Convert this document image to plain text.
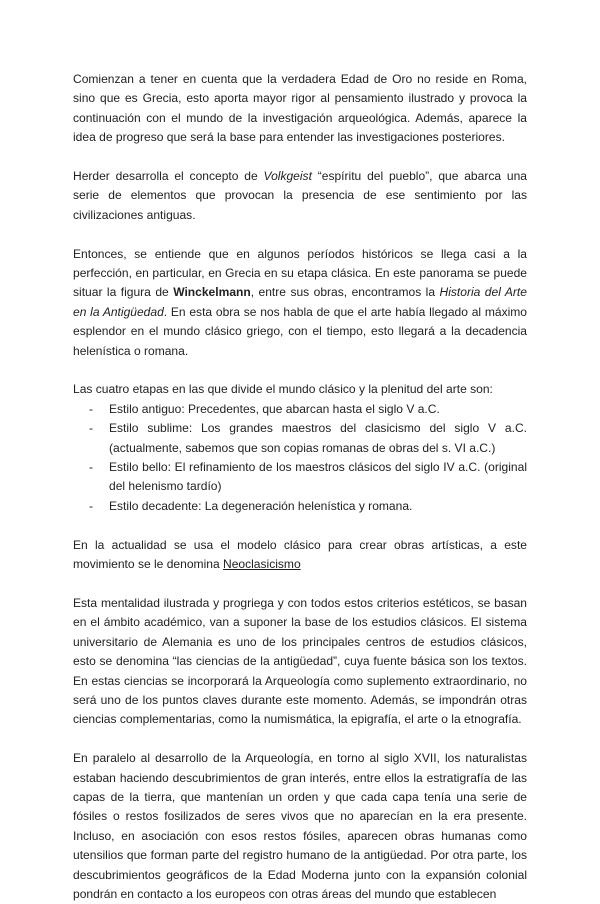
Comienzan a tener en cuenta que la verdadera Edad de Oro no reside en Roma, sino que es Grecia, esto aporta mayor rigor al pensamiento ilustrado y provoca la continuación con el mundo de la investigación arqueológica. Además, aparece la idea de progreso que será la base para entender las investigaciones posteriores.

Herder desarrolla el concepto de Volkgeist “espíritu del pueblo”, que abarca una serie de elementos que provocan la presencia de ese sentimiento por las civilizaciones antiguas.

Entonces, se entiende que en algunos períodos históricos se llega casi a la perfección, en particular, en Grecia en su etapa clásica. En este panorama se puede situar la figura de Winckelmann, entre sus obras, encontramos la Historia del Arte en la Antigüedad. En esta obra se nos habla de que el arte había llegado al máximo esplendor en el mundo clásico griego, con el tiempo, esto llegará a la decadencia helenística o romana.

Las cuatro etapas en las que divide el mundo clásico y la plenitud del arte son:

- Estilo antiguo: Precedentes, que abarcan hasta el siglo V a.C.
- Estilo sublime: Los grandes maestros del clasicismo del siglo V a.C. (actualmente, sabemos que son copias romanas de obras del s. VI a.C.)
- Estilo bello: El refinamiento de los maestros clásicos del siglo IV a.C. (original del helenismo tardío)
- Estilo decadente: La degeneración helenística y romana.

En la actualidad se usa el modelo clásico para crear obras artísticas, a este movimiento se le denomina Neoclasicismo

Esta mentalidad ilustrada y progriega y con todos estos criterios estéticos, se basan en el ámbito académico, van a suponer la base de los estudios clásicos. El sistema universitario de Alemania es uno de los principales centros de estudios clásicos, esto se denomina “las ciencias de la antigüedad”, cuya fuente básica son los textos. En estas ciencias se incorporará la Arqueología como suplemento extraordinario, no será uno de los puntos claves durante este momento. Además, se impondrán otras ciencias complementarias, como la numismática, la epigrafía, el arte o la etnografía.

En paralelo al desarrollo de la Arqueología, en torno al siglo XVII, los naturalistas estaban haciendo descubrimientos de gran interés, entre ellos la estratigrafía de las capas de la tierra, que mantenían un orden y que cada capa tenía una serie de fósiles o restos fosilizados de seres vivos que no aparecían en la era presente. Incluso, en asociación con esos restos fósiles, aparecen obras humanas como utensilios que forman parte del registro humano de la antigüedad. Por otra parte, los descubrimientos geográficos de la Edad Moderna junto con la expansión colonial pondrán en contacto a los europeos con otras áreas del mundo que establecen
